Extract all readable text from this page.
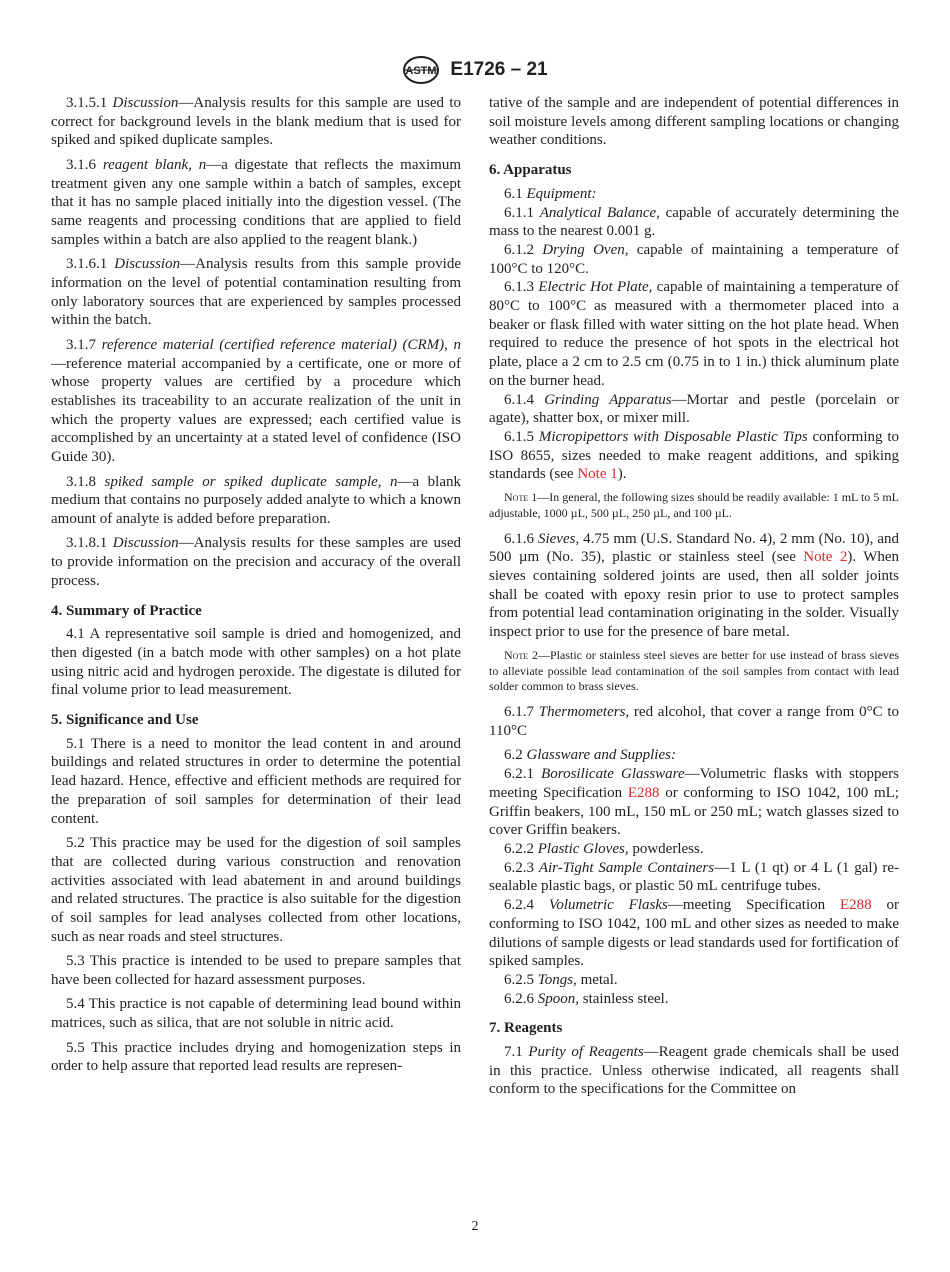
ASTM E1726 – 21

3.1.5.1 Discussion—Analysis results for this sample are used to correct for background levels in the blank medium that is used for spiked and spiked duplicate samples.

3.1.6 reagent blank, n—a digestate that reflects the maximum treatment given any one sample within a batch of samples, except that it has no sample placed initially into the digestion vessel. (The same reagents and processing conditions that are applied to field samples within a batch are also applied to the reagent blank.)

3.1.6.1 Discussion—Analysis results from this sample provide information on the level of potential contamination resulting from only laboratory sources that are experienced by samples processed within the batch.

3.1.7 reference material (certified reference material) (CRM), n—reference material accompanied by a certificate, one or more of whose property values are certified by a procedure which establishes its traceability to an accurate realization of the unit in which the property values are expressed; each certified value is accomplished by an uncertainty at a stated level of confidence (ISO Guide 30).

3.1.8 spiked sample or spiked duplicate sample, n—a blank medium that contains no purposely added analyte to which a known amount of analyte is added before preparation.

3.1.8.1 Discussion—Analysis results for these samples are used to provide information on the precision and accuracy of the overall process.

4. Summary of Practice

4.1 A representative soil sample is dried and homogenized, and then digested (in a batch mode with other samples) on a hot plate using nitric acid and hydrogen peroxide. The digestate is diluted for final volume prior to lead measurement.

5. Significance and Use

5.1 There is a need to monitor the lead content in and around buildings and related structures in order to determine the potential lead hazard. Hence, effective and efficient methods are required for the preparation of soil samples for determination of their lead content.

5.2 This practice may be used for the digestion of soil samples that are collected during various construction and renovation activities associated with lead abatement in and around buildings and related structures. The practice is also suitable for the digestion of soil samples for lead analyses collected from other locations, such as near roads and steel structures.

5.3 This practice is intended to be used to prepare samples that have been collected for hazard assessment purposes.

5.4 This practice is not capable of determining lead bound within matrices, such as silica, that are not soluble in nitric acid.

5.5 This practice includes drying and homogenization steps in order to help assure that reported lead results are represen-

tative of the sample and are independent of potential differences in soil moisture levels among different sampling locations or changing weather conditions.

6. Apparatus

6.1 Equipment:

6.1.1 Analytical Balance, capable of accurately determining the mass to the nearest 0.001 g.

6.1.2 Drying Oven, capable of maintaining a temperature of 100°C to 120°C.

6.1.3 Electric Hot Plate, capable of maintaining a temperature of 80°C to 100°C as measured with a thermometer placed into a beaker or flask filled with water sitting on the hot plate head. When required to reduce the presence of hot spots in the electrical hot plate, place a 2 cm to 2.5 cm (0.75 in to 1 in.) thick aluminum plate on the burner head.

6.1.4 Grinding Apparatus—Mortar and pestle (porcelain or agate), shatter box, or mixer mill.

6.1.5 Micropipettors with Disposable Plastic Tips conforming to ISO 8655, sizes needed to make reagent additions, and spiking standards (see Note 1).

Note 1—In general, the following sizes should be readily available: 1 mL to 5 mL adjustable, 1000 µL, 500 µL, 250 µL, and 100 µL.

6.1.6 Sieves, 4.75 mm (U.S. Standard No. 4), 2 mm (No. 10), and 500 µm (No. 35), plastic or stainless steel (see Note 2). When sieves containing soldered joints are used, then all solder joints shall be coated with epoxy resin prior to use to protect samples from potential lead contamination originating in the solder. Visually inspect prior to use for the presence of bare metal.

Note 2—Plastic or stainless steel sieves are better for use instead of brass sieves to alleviate possible lead contamination of the soil samples from contact with lead solder common to brass sieves.

6.1.7 Thermometers, red alcohol, that cover a range from 0°C to 110°C

6.2 Glassware and Supplies:

6.2.1 Borosilicate Glassware—Volumetric flasks with stoppers meeting Specification E288 or conforming to ISO 1042, 100 mL; Griffin beakers, 100 mL, 150 mL or 250 mL; watch glasses sized to cover Griffin beakers.

6.2.2 Plastic Gloves, powderless.

6.2.3 Air-Tight Sample Containers—1 L (1 qt) or 4 L (1 gal) re-sealable plastic bags, or plastic 50 mL centrifuge tubes.

6.2.4 Volumetric Flasks—meeting Specification E288 or conforming to ISO 1042, 100 mL and other sizes as needed to make dilutions of sample digests or lead standards used for fortification of spiked samples.

6.2.5 Tongs, metal.

6.2.6 Spoon, stainless steel.

7. Reagents

7.1 Purity of Reagents—Reagent grade chemicals shall be used in this practice. Unless otherwise indicated, all reagents shall conform to the specifications for the Committee on

2
